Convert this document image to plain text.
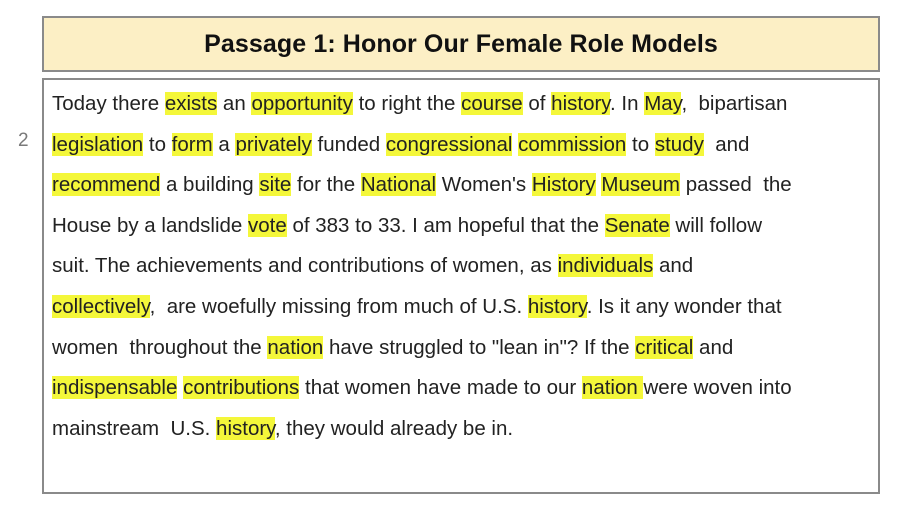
Passage 1: Honor Our Female Role Models
2
Today there exists an opportunity to right the course of history. In May,  bipartisan
legislation to form a privately funded congressional commission to study  and
recommend a building site for the National Women's History Museum passed  the
House by a landslide vote of 383 to 33. I am hopeful that the Senate will follow
suit. The achievements and contributions of women, as individuals and
collectively,  are woefully missing from much of U.S. history. Is it any wonder that
women  throughout the nation have struggled to "lean in"? If the critical and
indispensable contributions that women have made to our nation were woven into
mainstream  U.S. history, they would already be in.
